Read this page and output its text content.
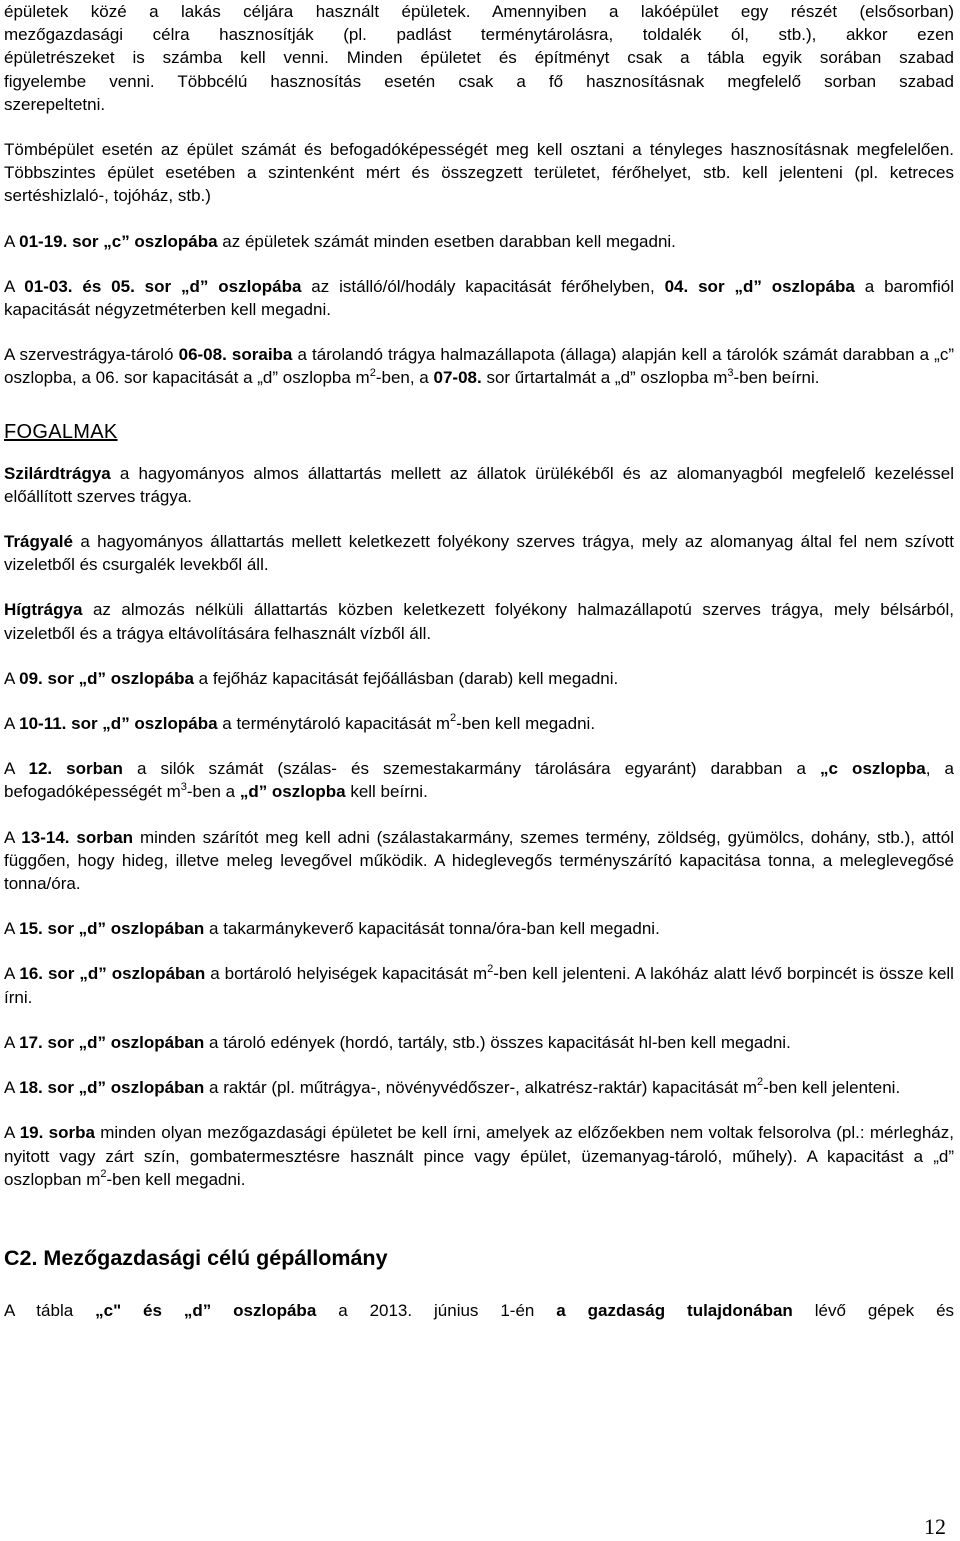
épületek közé a lakás céljára használt épületek. Amennyiben a lakóépület egy részét (elsősorban)
mezőgazdasági célra hasznosítják (pl. padlást terménytárolásra, toldalék ól, stb.), akkor ezen
épületrészeket is számba kell venni. Minden épületet és építményt csak a tábla egyik sorában szabad
figyelembe venni. Többcélú hasznosítás esetén csak a fő hasznosításnak megfelelő sorban szabad

szerepeltetni.

Tömbépület esetén az épület számát és befogadóképességét meg kell osztani a tényleges hasznosításnak megfelelően. Többszintes épület esetében a szintenként mért és összegzett területet, férőhelyet, stb. kell jelenteni (pl. ketreces sertéshizlaló-, tojóház, stb.)

A 01-19. sor „c” oszlopába az épületek számát minden esetben darabban kell megadni.

A 01-03. és 05. sor „d” oszlopába az istálló/ól/hodály kapacitását férőhelyben, 04. sor „d” oszlopába a baromfiól kapacitását négyzetméterben kell megadni.

A szervestrágya-tároló 06-08. soraiba a tárolandó trágya halmazállapota (állaga) alapján kell a tárolók számát darabban a „c” oszlopba, a 06. sor kapacitását a „d” oszlopba $m^2$-ben, a 07-08. sor űrtartalmát a „d” oszlopba $m^3$-ben beírni.

FOGALMAK

Szilárdtrágya a hagyományos almos állattartás mellett az állatok ürülékéből és az alomanyagból megfelelő kezeléssel előállított szerves trágya.

Trágyalé a hagyományos állattartás mellett keletkezett folyékony szerves trágya, mely az alomanyag által fel nem szívott vizeletből és csurgalék levekből áll.

Hígtrágya az almozás nélküli állattartás közben keletkezett folyékony halmazállapotú szerves trágya, mely bélsárból, vizeletből és a trágya eltávolítására felhasznált vízből áll.

A 09. sor „d” oszlopába a fejőház kapacitását fejőállásban (darab) kell megadni.

A 10-11. sor „d” oszlopába a terménytároló kapacitását $m^2$-ben kell megadni.

A 12. sorban a silók számát (szálas- és szemestakarmány tárolására egyaránt) darabban a „c oszlopba, a befogadóképességét $m^3$-ben a „d” oszlopba kell beírni.

A 13-14. sorban minden szárítót meg kell adni (szálastakarmány, szemes termény, zöldség, gyümölcs, dohány, stb.), attól függően, hogy hideg, illetve meleg levegővel működik. A hideglevegős terményszárító kapacitása tonna, a meleglevegősé tonna/óra.

A 15. sor „d” oszlopában a takarmánykeverő kapacitását tonna/óra-ban kell megadni.

A 16. sor „d” oszlopában a bortároló helyiségek kapacitását $m^2$-ben kell jelenteni. A lakóház alatt lévő borpincét is össze kell írni.

A 17. sor „d” oszlopában a tároló edények (hordó, tartály, stb.) összes kapacitását hl-ben kell megadni.

A 18. sor „d” oszlopában a raktár (pl. műtrágya-, növényvédőszer-, alkatrész-raktár) kapacitását $m^2$-ben kell jelenteni.

A 19. sorba minden olyan mezőgazdasági épületet be kell írni, amelyek az előzőekben nem voltak felsorolva (pl.: mérlegház, nyitott vagy zárt szín, gombatermesztésre használt pince vagy épület, üzemanyag-tároló, műhely). A kapacitást a „d” oszlopban $m^2$-ben kell megadni.

C2. Mezőgazdasági célú gépállomány

A tábla „c" és „d” oszlopába a 2013. június 1-én a gazdaság tulajdonában lévő gépek és

12
